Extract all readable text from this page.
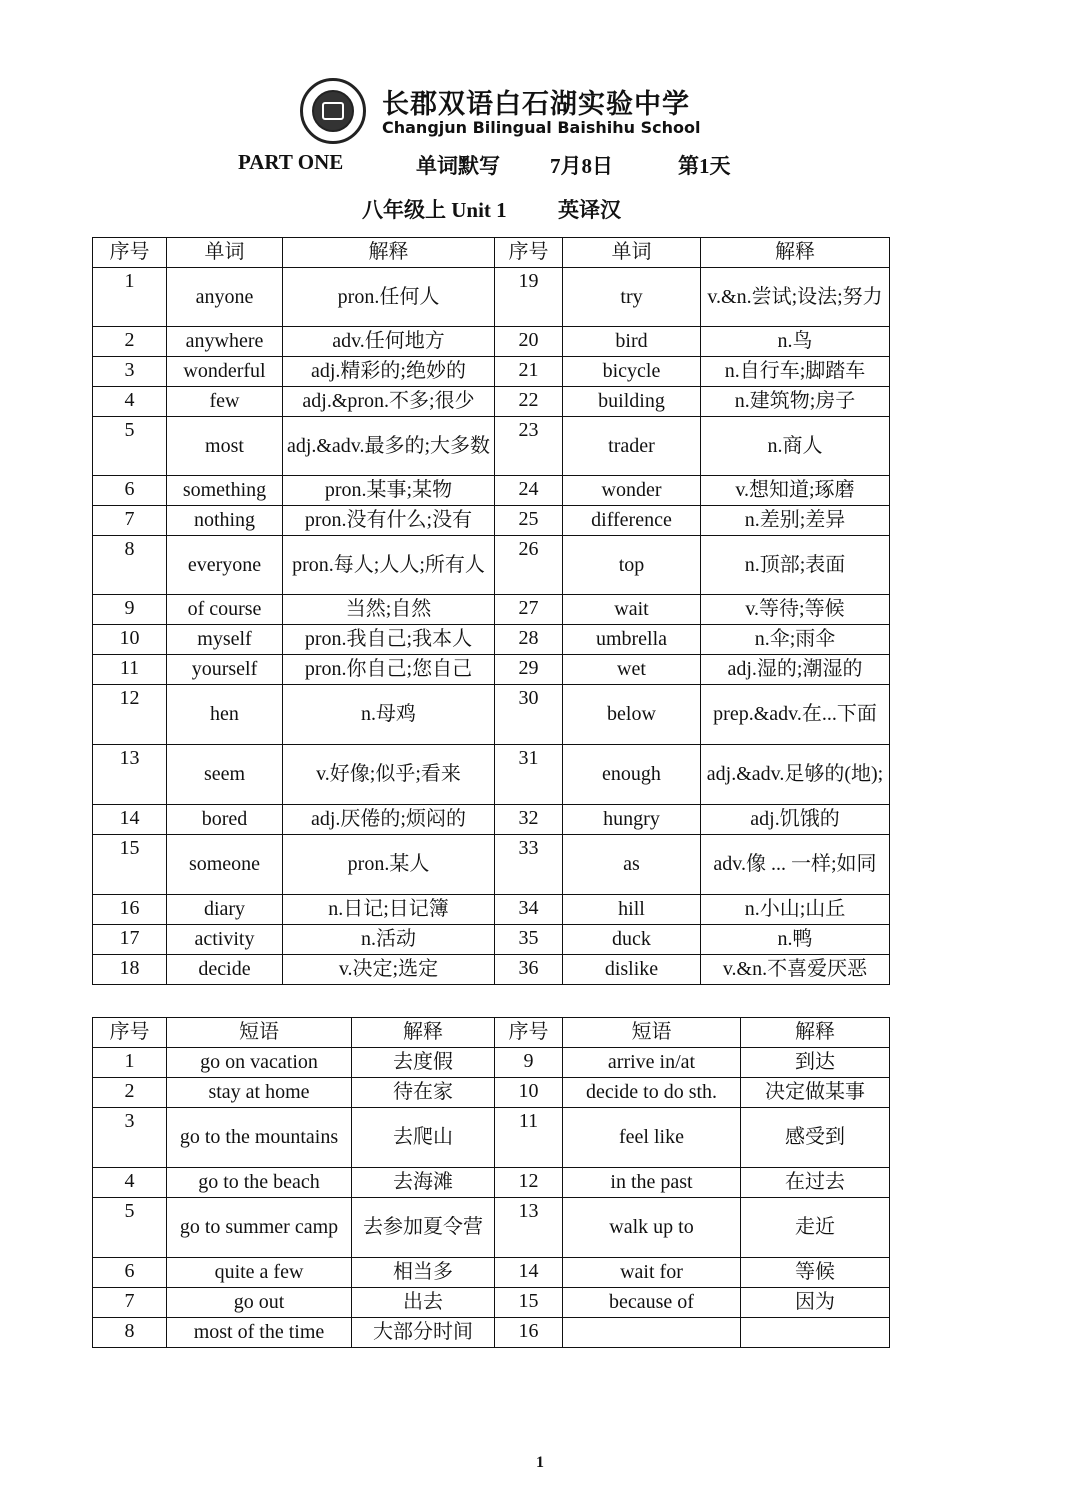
长郡双语白石湖实验中学
Changjun Bilingual Baishihu School
PART ONE	单词默写 7月8日	第1天
八年级上 Unit 1 英译汉
序号	单词	解释	序号	单词	解释
1	anyone	pron.任何人	19	try	v.&n.尝试;设法;努力
2	anywhere	adv.任何地方	20	bird	n.鸟
3	wonderful	adj.精彩的;绝妙的	21	bicycle	n.自行车;脚踏车
4	few	adj.&pron.不多;很少	22	building	n.建筑物;房子
5	most	adj.&adv.最多的;大多数	23	trader	n.商人
6	something	pron.某事;某物	24	wonder	v.想知道;琢磨
7	nothing	pron.没有什么;没有	25	difference	n.差别;差异
8	everyone	pron.每人;人人;所有人	26	top	n.顶部;表面
9	of course	当然;自然	27	wait	v.等待;等候
10	myself	pron.我自己;我本人	28	umbrella	n.伞;雨伞
11	yourself	pron.你自己;您自己	29	wet	adj.湿的;潮湿的
12	hen	n.母鸡	30	below	prep.&adv.在...下面
13	seem	v.好像;似乎;看来	31	enough	adj.&adv.足够的(地);
14	bored	adj.厌倦的;烦闷的	32	hungry	adj.饥饿的
15	someone	pron.某人	33	as	adv.像 ... 一样;如同
16	diary	n.日记;日记簿	34	hill	n.小山;山丘
17	activity	n.活动	35	duck	n.鸭
18	decide	v.决定;选定	36	dislike	v.&n.不喜爱厌恶
序号	短语	解释	序号	短语	解释
1	go on vacation	去度假	9	arrive in/at	到达
2	stay at home	待在家	10	decide to do sth.	决定做某事
3	go to the mountains	去爬山	11	feel like	感受到
4	go to the beach	去海滩	12	in the past	在过去
5	go to summer camp	去参加夏令营	13	walk up to	走近
6	quite a few	相当多	14	wait for	等候
7	go out	出去	15	because of	因为
8	most of the time	大部分时间	16		
1
